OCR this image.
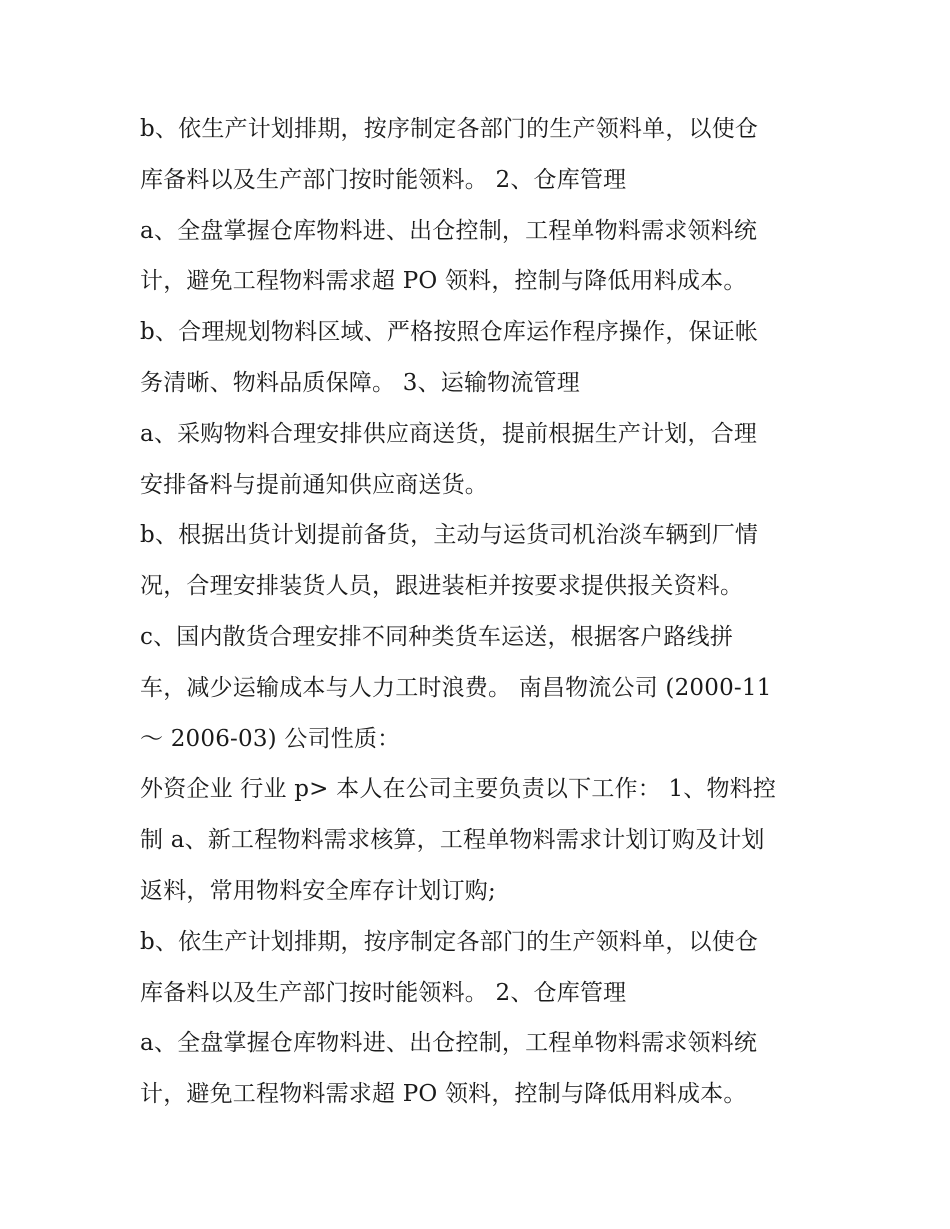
b、依生产计划排期，按序制定各部门的生产领料单，以使仓
库备料以及生产部门按时能领料。 2、仓库管理
a、全盘掌握仓库物料进、出仓控制，工程单物料需求领料统
计，避免工程物料需求超 PO 领料，控制与降低用料成本。
b、合理规划物料区域、严格按照仓库运作程序操作，保证帐
务清晰、物料品质保障。 3、运输物流管理
a、采购物料合理安排供应商送货，提前根据生产计划，合理
安排备料与提前通知供应商送货。
b、根据出货计划提前备货，主动与运货司机治淡车辆到厂情
况，合理安排装货人员，跟进装柜并按要求提供报关资料。
c、国内散货合理安排不同种类货车运送，根据客户路线拼
车，减少运输成本与人力工时浪费。 南昌物流公司 (2000-11
～ 2006-03) 公司性质：
外资企业 行业 p> 本人在公司主要负责以下工作： 1、物料控
制 a、新工程物料需求核算，工程单物料需求计划订购及计划
返料，常用物料安全库存计划订购;
b、依生产计划排期，按序制定各部门的生产领料单，以使仓
库备料以及生产部门按时能领料。 2、仓库管理
a、全盘掌握仓库物料进、出仓控制，工程单物料需求领料统
计，避免工程物料需求超 PO 领料，控制与降低用料成本。
